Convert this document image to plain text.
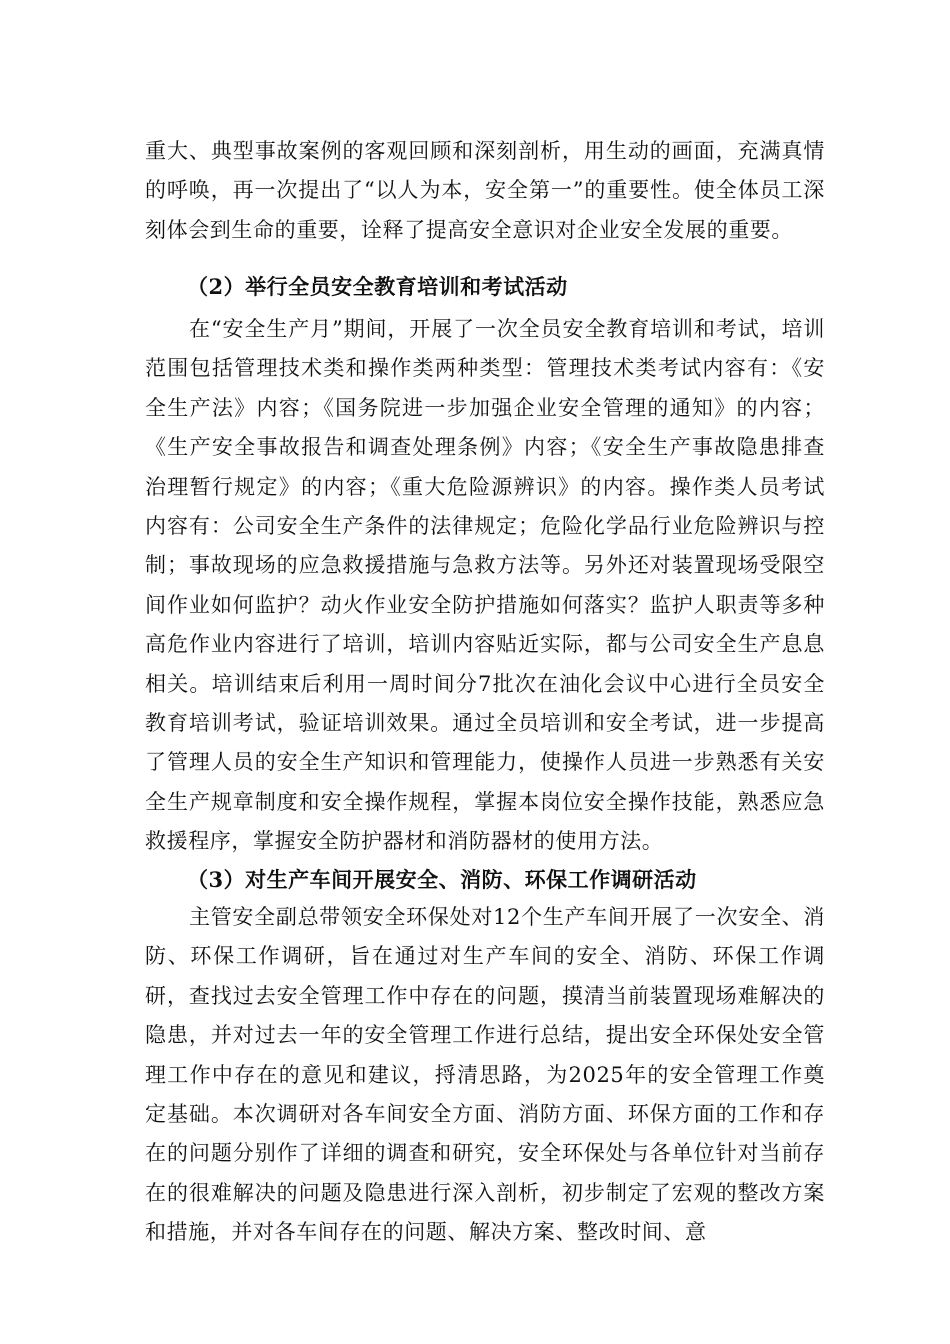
重大、典型事故案例的客观回顾和深刻剖析，用生动的画面，充满真情的呼唤，再一次提出了“以人为本，安全第一”的重要性。使全体员工深刻体会到生命的重要，诠释了提高安全意识对企业安全发展的重要。

（2）举行全员安全教育培训和考试活动

在“安全生产月”期间，开展了一次全员安全教育培训和考试，培训范围包括管理技术类和操作类两种类型：管理技术类考试内容有：《安全生产法》内容；《国务院进一步加强企业安全管理的通知》的内容；《生产安全事故报告和调查处理条例》内容；《安全生产事故隐患排查治理暂行规定》的内容；《重大危险源辨识》的内容。操作类人员考试内容有：公司安全生产条件的法律规定；危险化学品行业危险辨识与控制；事故现场的应急救援措施与急救方法等。另外还对装置现场受限空间作业如何监护？动火作业安全防护措施如何落实？监护人职责等多种高危作业内容进行了培训，培训内容贴近实际，都与公司安全生产息息相关。培训结束后利用一周时间分7批次在油化会议中心进行全员安全教育培训考试，验证培训效果。通过全员培训和安全考试，进一步提高了管理人员的安全生产知识和管理能力，使操作人员进一步熟悉有关安全生产规章制度和安全操作规程，掌握本岗位安全操作技能，熟悉应急救援程序，掌握安全防护器材和消防器材的使用方法。

（3）对生产车间开展安全、消防、环保工作调研活动

主管安全副总带领安全环保处对12个生产车间开展了一次安全、消防、环保工作调研，旨在通过对生产车间的安全、消防、环保工作调研，查找过去安全管理工作中存在的问题，摸清当前装置现场难解决的隐患，并对过去一年的安全管理工作进行总结，提出安全环保处安全管理工作中存在的意见和建议，捋清思路，为2025年的安全管理工作奠定基础。本次调研对各车间安全方面、消防方面、环保方面的工作和存在的问题分别作了详细的调查和研究，安全环保处与各单位针对当前存在的很难解决的问题及隐患进行深入剖析，初步制定了宏观的整改方案和措施，并对各车间存在的问题、解决方案、整改时间、意
